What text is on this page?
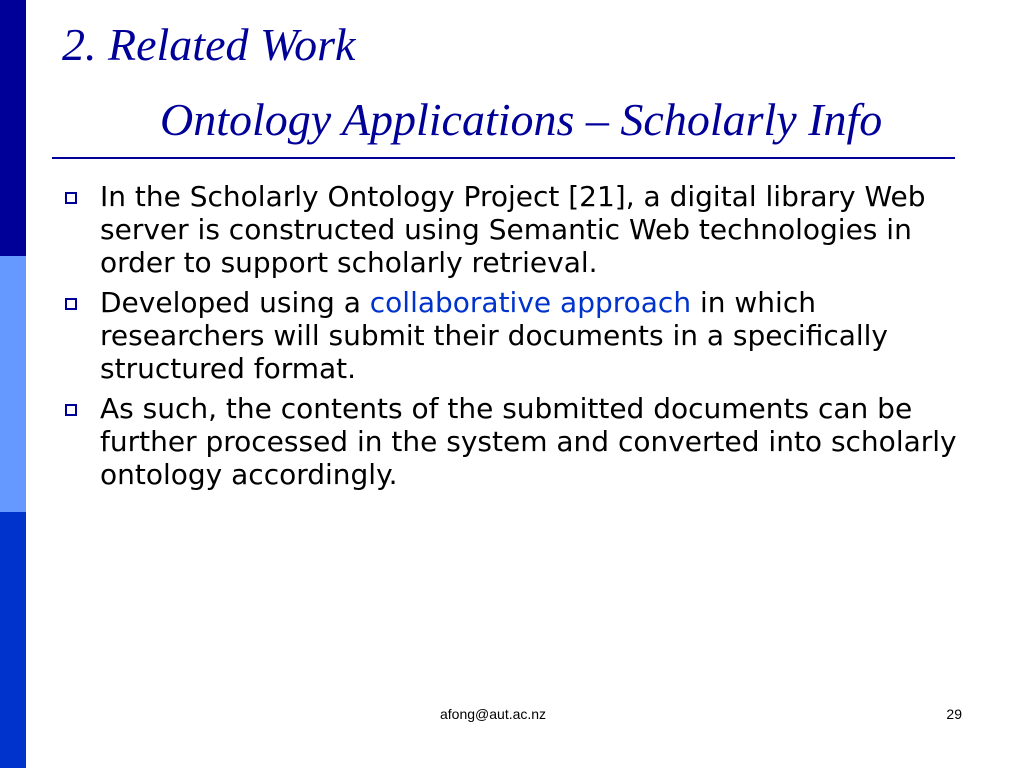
2. Related Work
Ontology Applications – Scholarly Info
In the Scholarly Ontology Project [21], a digital library Web server is constructed using Semantic Web technologies in order to support scholarly retrieval.
Developed using a collaborative approach in which researchers will submit their documents in a specifically structured format.
As such, the contents of the submitted documents can be further processed in the system and converted into scholarly ontology accordingly.
afong@aut.ac.nz	29
